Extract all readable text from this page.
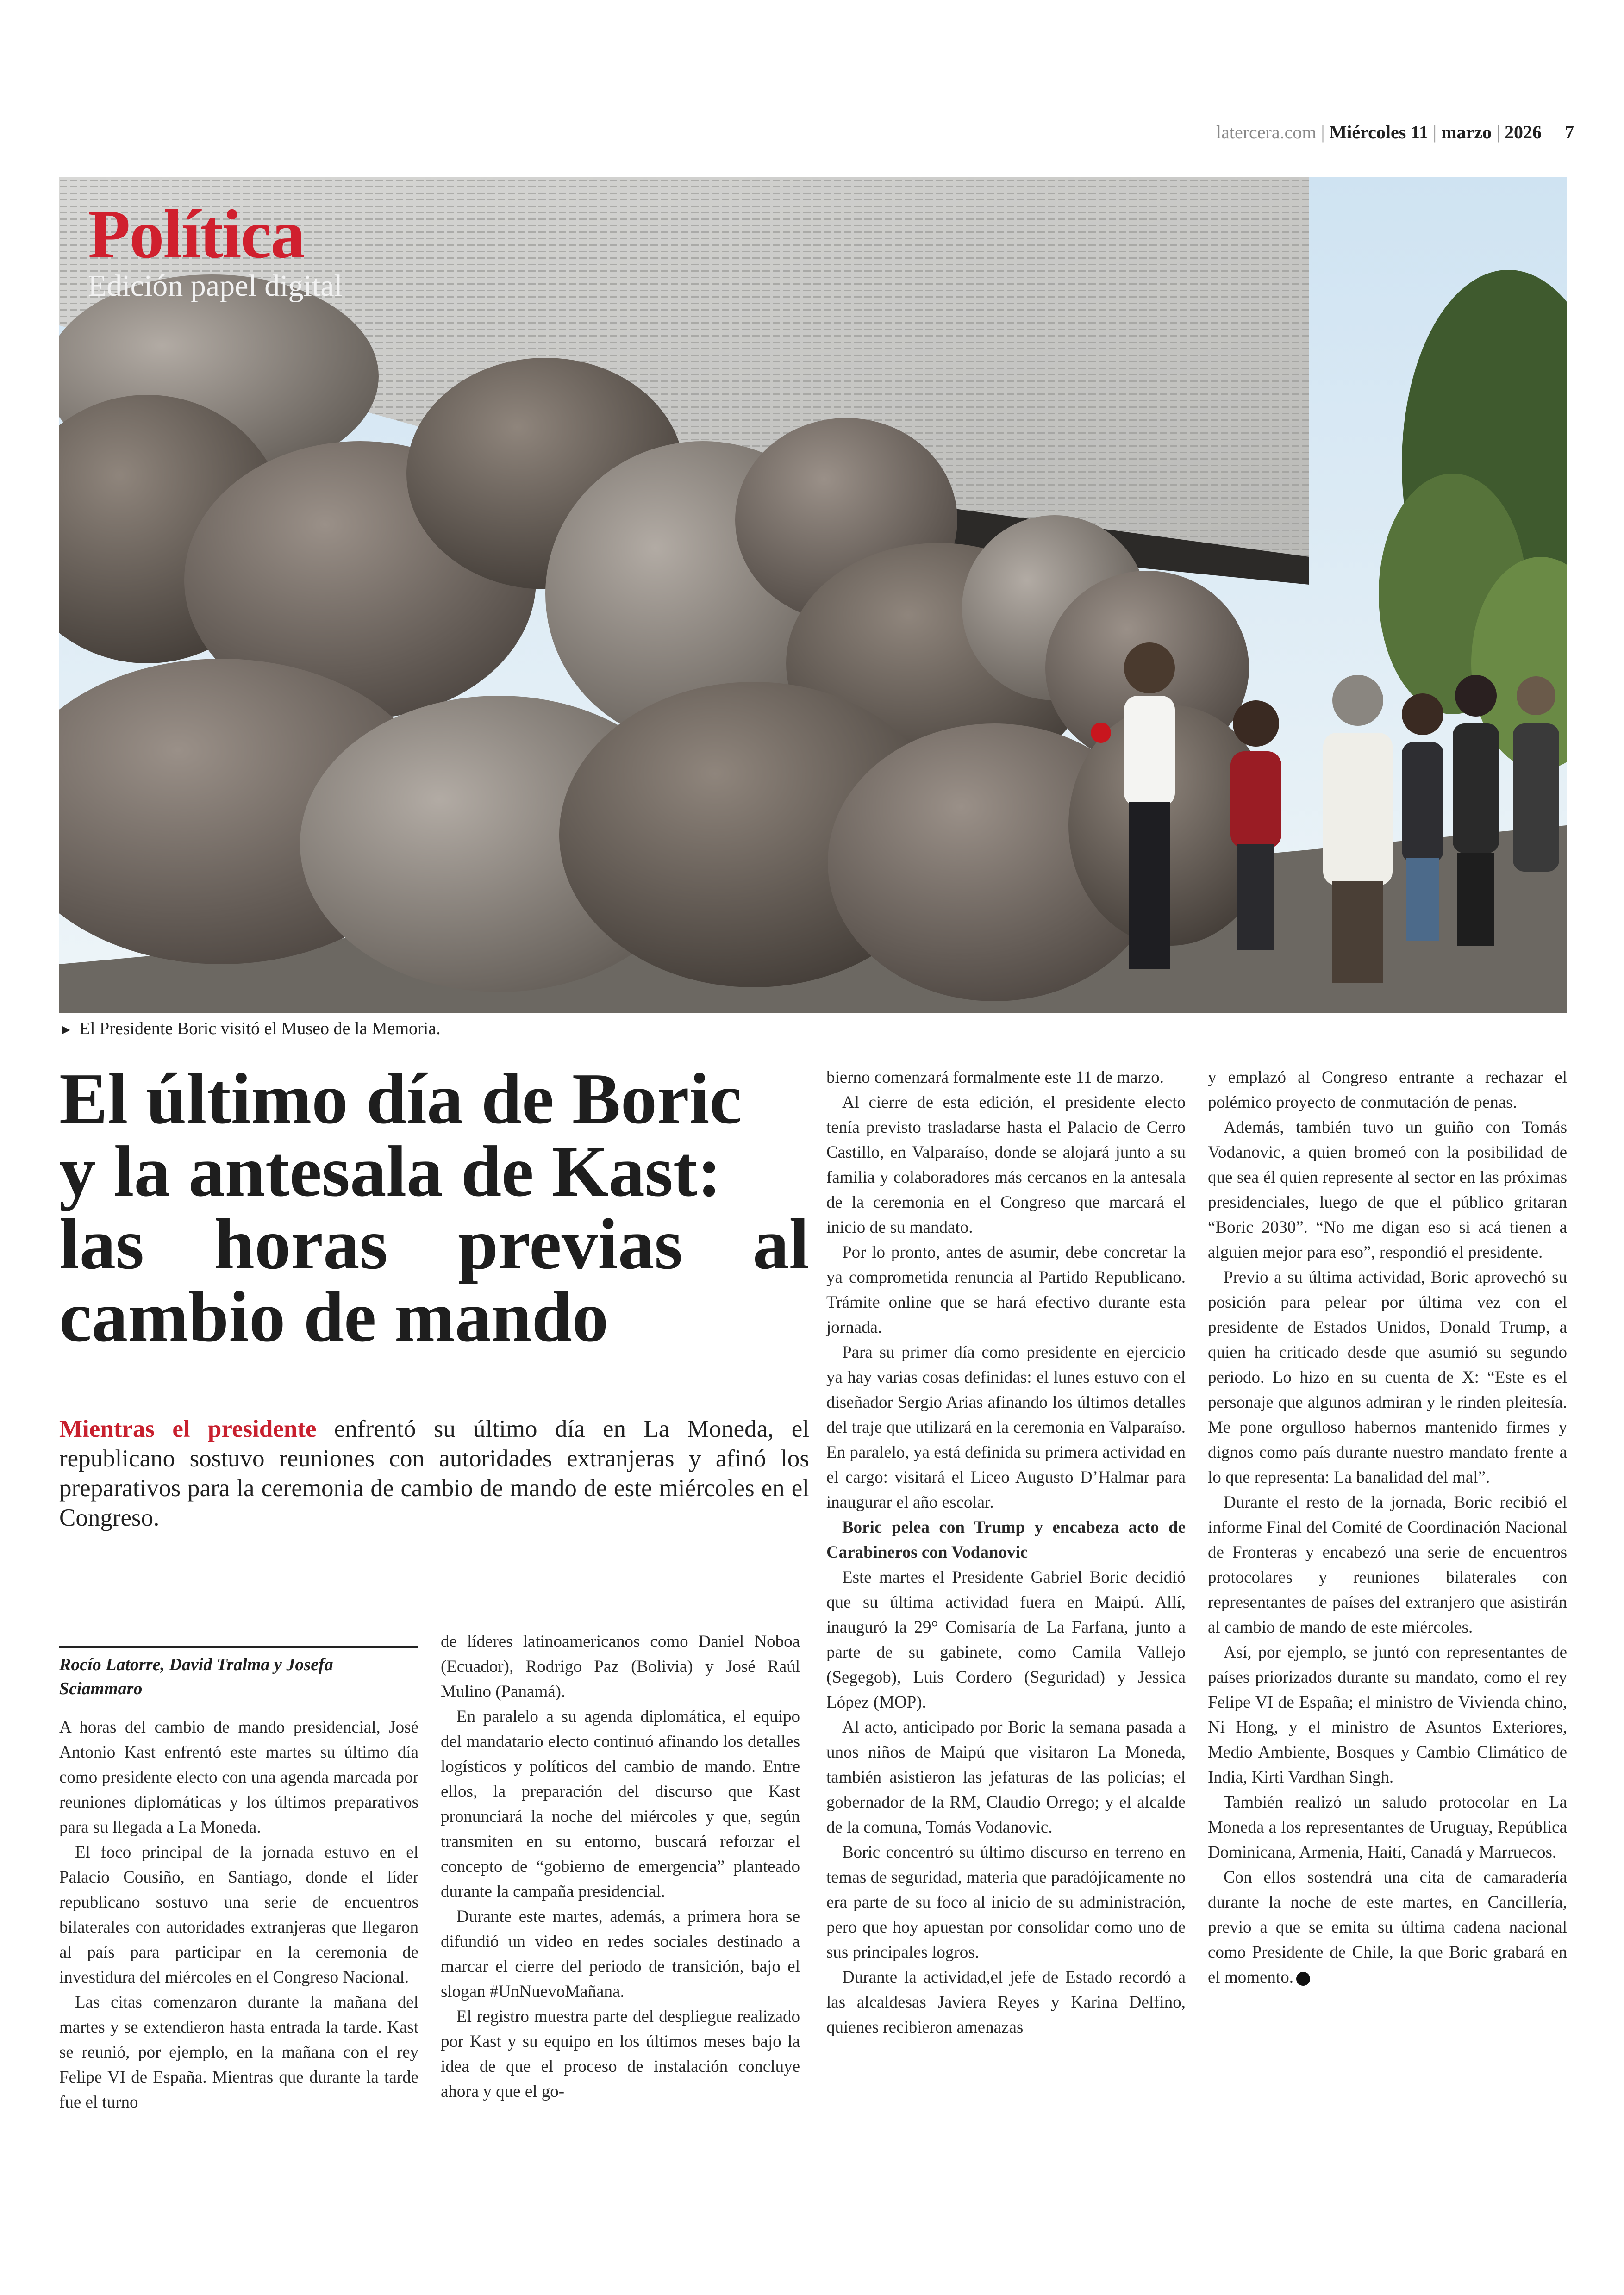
latercera.com | Miércoles 11 | marzo | 2026 7
Política
Edición papel digital
► El Presidente Boric visitó el Museo de la Memoria.
El último día de Boric
y la antesala de Kast:
las horas previas al
cambio de mando
Mientras el presidente enfrentó su último día en La Moneda, el republicano sostuvo reuniones con autoridades extranjeras y afinó los preparativos para la ceremonia de cambio de mando de este miércoles en el Congreso.
Rocío Latorre, David Tralma y Josefa Sciammaro

A horas del cambio de mando presidencial, José Antonio Kast enfrentó este martes su último día como presidente electo con una agenda marcada por reuniones diplomáticas y los últimos preparativos para su llegada a La Moneda.

El foco principal de la jornada estuvo en el Palacio Cousiño, en Santiago, donde el líder republicano sostuvo una serie de encuentros bilaterales con autoridades extranjeras que llegaron al país para participar en la ceremonia de investidura del miércoles en el Congreso Nacional.

Las citas comenzaron durante la mañana del martes y se extendieron hasta entrada la tarde. Kast se reunió, por ejemplo, en la mañana con el rey Felipe VI de España. Mientras que durante la tarde fue el turno

de líderes latinoamericanos como Daniel Noboa (Ecuador), Rodrigo Paz (Bolivia) y José Raúl Mulino (Panamá).

En paralelo a su agenda diplomática, el equipo del mandatario electo continuó afinando los detalles logísticos y políticos del cambio de mando. Entre ellos, la preparación del discurso que Kast pronunciará la noche del miércoles y que, según transmiten en su entorno, buscará reforzar el concepto de “gobierno de emergencia” planteado durante la campaña presidencial.

Durante este martes, además, a primera hora se difundió un video en redes sociales destinado a marcar el cierre del periodo de transición, bajo el slogan #UnNuevoMañana.

El registro muestra parte del despliegue realizado por Kast y su equipo en los últimos meses bajo la idea de que el proceso de instalación concluye ahora y que el go-

bierno comenzará formalmente este 11 de marzo.

Al cierre de esta edición, el presidente electo tenía previsto trasladarse hasta el Palacio de Cerro Castillo, en Valparaíso, donde se alojará junto a su familia y colaboradores más cercanos en la antesala de la ceremonia en el Congreso que marcará el inicio de su mandato.

Por lo pronto, antes de asumir, debe concretar la ya comprometida renuncia al Partido Republicano. Trámite online que se hará efectivo durante esta jornada.

Para su primer día como presidente en ejercicio ya hay varias cosas definidas: el lunes estuvo con el diseñador Sergio Arias afinando los últimos detalles del traje que utilizará en la ceremonia en Valparaíso. En paralelo, ya está definida su primera actividad en el cargo: visitará el Liceo Augusto D’Halmar para inaugurar el año escolar.

Boric pelea con Trump y encabeza acto de Carabineros con Vodanovic

Este martes el Presidente Gabriel Boric decidió que su última actividad fuera en Maipú. Allí, inauguró la 29° Comisaría de La Farfana, junto a parte de su gabinete, como Camila Vallejo (Segegob), Luis Cordero (Seguridad) y Jessica López (MOP).

Al acto, anticipado por Boric la semana pasada a unos niños de Maipú que visitaron La Moneda, también asistieron las jefaturas de las policías; el gobernador de la RM, Claudio Orrego; y el alcalde de la comuna, Tomás Vodanovic.

Boric concentró su último discurso en terreno en temas de seguridad, materia que paradójicamente no era parte de su foco al inicio de su administración, pero que hoy apuestan por consolidar como uno de sus principales logros.

Durante la actividad,el jefe de Estado recordó a las alcaldesas Javiera Reyes y Karina Delfino, quienes recibieron amenazas

y emplazó al Congreso entrante a rechazar el polémico proyecto de conmutación de penas.

Además, también tuvo un guiño con Tomás Vodanovic, a quien bromeó con la posibilidad de que sea él quien represente al sector en las próximas presidenciales, luego de que el público gritaran “Boric 2030”. “No me digan eso si acá tienen a alguien mejor para eso”, respondió el presidente.

Previo a su última actividad, Boric aprovechó su posición para pelear por última vez con el presidente de Estados Unidos, Donald Trump, a quien ha criticado desde que asumió su segundo periodo. Lo hizo en su cuenta de X: “Este es el personaje que algunos admiran y le rinden pleitesía. Me pone orgulloso habernos mantenido firmes y dignos como país durante nuestro mandato frente a lo que representa: La banalidad del mal”.

Durante el resto de la jornada, Boric recibió el informe Final del Comité de Coordinación Nacional de Fronteras y encabezó una serie de encuentros protocolares y reuniones bilaterales con representantes de países del extranjero que asistirán al cambio de mando de este miércoles.

Así, por ejemplo, se juntó con representantes de países priorizados durante su mandato, como el rey Felipe VI de España; el ministro de Vivienda chino, Ni Hong, y el ministro de Asuntos Exteriores, Medio Ambiente, Bosques y Cambio Climático de India, Kirti Vardhan Singh.

También realizó un saludo protocolar en La Moneda a los representantes de Uruguay, República Dominicana, Armenia, Haití, Canadá y Marruecos.

Con ellos sostendrá una cita de camaradería durante la noche de este martes, en Cancillería, previo a que se emita su última cadena nacional como Presidente de Chile, la que Boric grabará en el momento.
